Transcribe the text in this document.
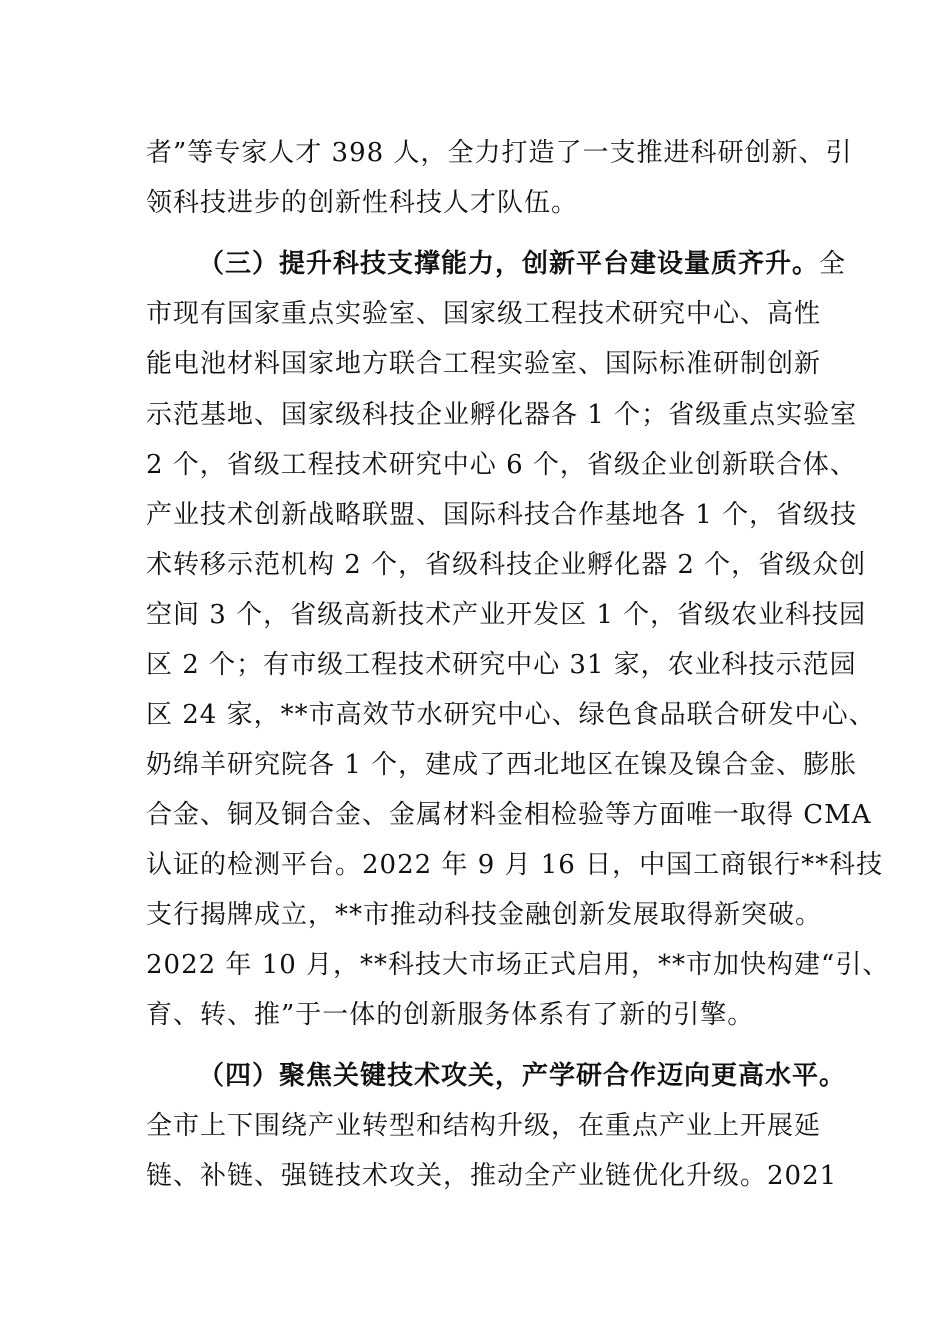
者”等专家人才 398 人，全力打造了一支推进科研创新、引
领科技进步的创新性科技人才队伍。
（三）提升科技支撑能力，创新平台建设量质齐升。全
市现有国家重点实验室、国家级工程技术研究中心、高性
能电池材料国家地方联合工程实验室、国际标准研制创新
示范基地、国家级科技企业孵化器各 1 个；省级重点实验室
2 个，省级工程技术研究中心 6 个，省级企业创新联合体、
产业技术创新战略联盟、国际科技合作基地各 1 个，省级技
术转移示范机构 2 个，省级科技企业孵化器 2 个，省级众创
空间 3 个，省级高新技术产业开发区 1 个，省级农业科技园
区 2 个；有市级工程技术研究中心 31 家，农业科技示范园
区 24 家，**市高效节水研究中心、绿色食品联合研发中心、
奶绵羊研究院各 1 个，建成了西北地区在镍及镍合金、膨胀
合金、铜及铜合金、金属材料金相检验等方面唯一取得 CMA
认证的检测平台。2022 年 9 月 16 日，中国工商银行**科技
支行揭牌成立，**市推动科技金融创新发展取得新突破。
2022 年 10 月，**科技大市场正式启用，**市加快构建“引、
育、转、推”于一体的创新服务体系有了新的引擎。
（四）聚焦关键技术攻关，产学研合作迈向更高水平。
全市上下围绕产业转型和结构升级，在重点产业上开展延
链、补链、强链技术攻关，推动全产业链优化升级。2021
